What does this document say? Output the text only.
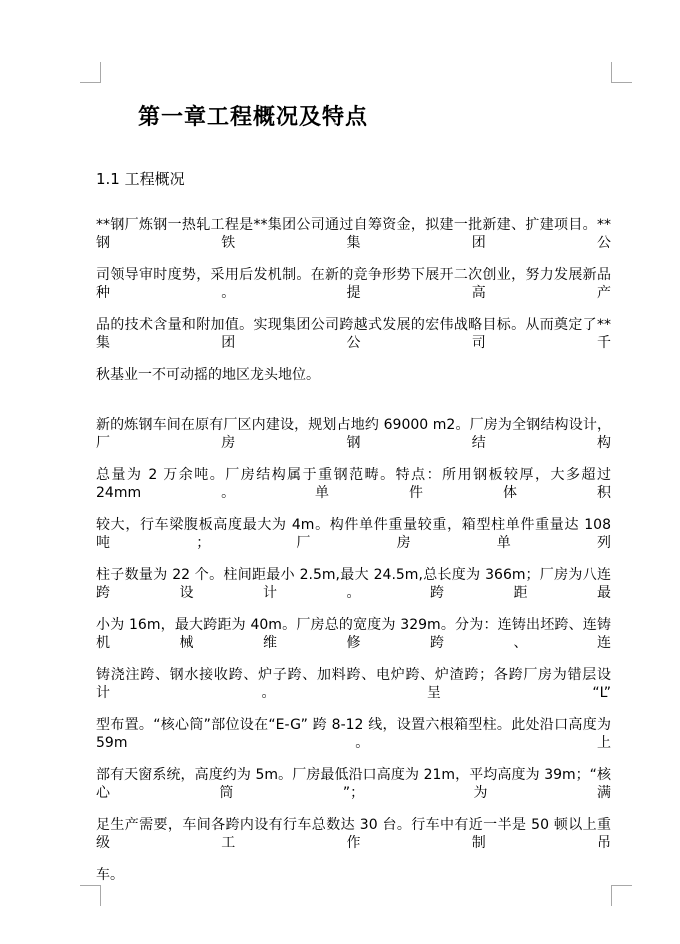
第一章工程概况及特点
1.1 工程概况
**钢厂炼钢一热轧工程是**集团公司通过自筹资金，拟建一批新建、扩建项目。**钢铁集团公
司领导审时度势，采用后发机制。在新的竞争形势下展开二次创业，努力发展新品种。提高产
品的技术含量和附加值。实现集团公司跨越式发展的宏伟战略目标。从而奠定了**集团公司千
秋基业一不可动摇的地区龙头地位。
新的炼钢车间在原有厂区内建设，规划占地约 69000 m2。厂房为全钢结构设计，厂房钢结构
总量为 2 万余吨。厂房结构属于重钢范畴。特点：所用钢板较厚，大多超过 24mm。单件体积
较大，行车梁腹板高度最大为 4m。构件单件重量较重，箱型柱单件重量达 108 吨；厂房单列
柱子数量为 22 个。柱间距最小 2.5m,最大 24.5m,总长度为 366m；厂房为八连跨设计。跨距最
小为 16m，最大跨距为 40m。厂房总的宽度为 329m。分为：连铸出坯跨、连铸机械维修跨、连
铸浇注跨、钢水接收跨、炉子跨、加料跨、电炉跨、炉渣跨；各跨厂房为错层设计。呈“L”
型布置。“核心筒”部位设在“E-G” 跨 8-12 线，设置六根箱型柱。此处沿口高度为 59m。上
部有天窗系统，高度约为 5m。厂房最低沿口高度为 21m，平均高度为 39m；“核心筒”；为满
足生产需要，车间各跨内设有行车总数达 30 台。行车中有近一半是 50 顿以上重级工作制吊
车。
